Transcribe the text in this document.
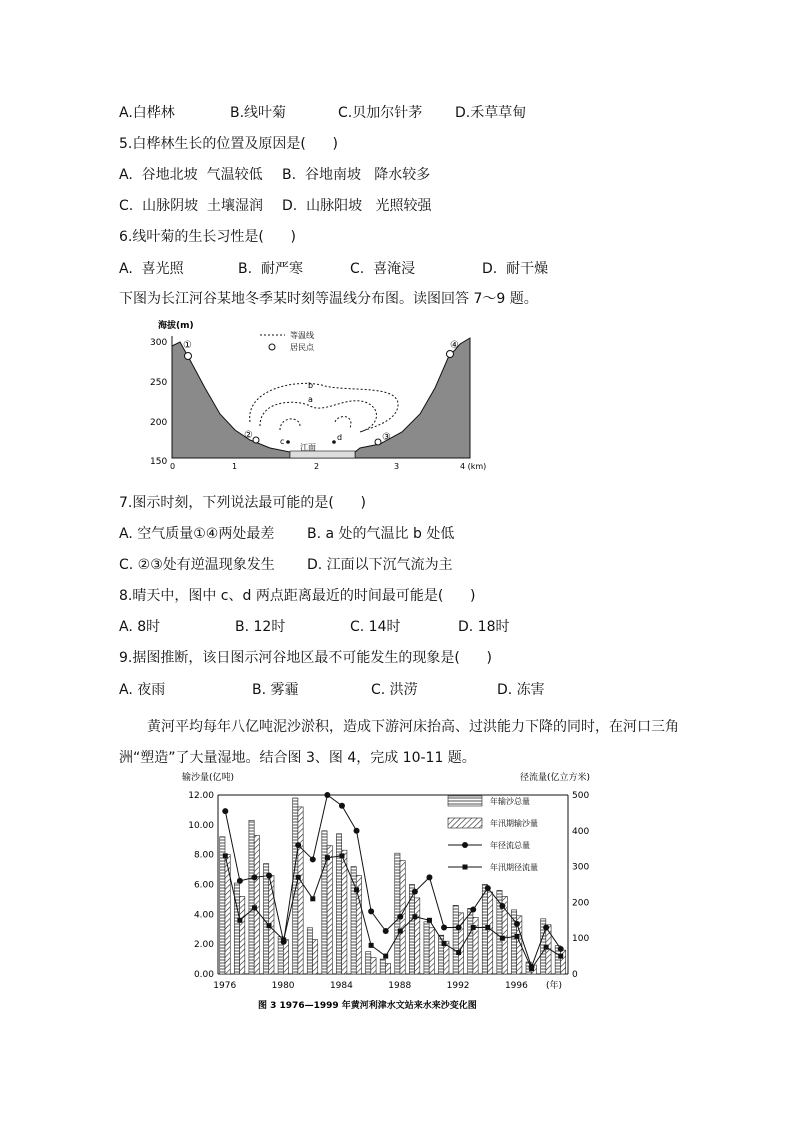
A.白桦林	B.线叶菊	C.贝加尔针茅 D.禾草草甸
5.白桦林生长的位置及原因是(      )
A.  谷地北坡  气温较低 B.  谷地南坡   降水较多
C.  山脉阴坡  土壤湿润 D.  山脉阳坡   光照较强
6.线叶菊的生长习性是(      )
A.  喜光照	B.  耐严寒	C.  喜淹浸	D.  耐干燥
下图为长江河谷某地冬季某时刻等温线分布图。读图回答 7～9 题。
海拔(m)
300
250
200
150 0	1	2	3	4 (km)
b
a
c	d
江面
①
②	③
④
等温线
居民点
7.图示时刻，下列说法最可能的是(      )
A. 空气质量①④两处最差 B. a 处的气温比 b 处低
C. ②③处有逆温现象发生 D. 江面以下沉气流为主
8.晴天中，图中 c、d 两点距离最近的时间最可能是(      )
A. 8时	B. 12时	C. 14时	D. 18时
9.据图推断，该日图示河谷地区最不可能发生的现象是(      )
A. 夜雨	B. 雾霾	C. 洪涝	D. 冻害
黄河平均每年八亿吨泥沙淤积，造成下游河床抬高、过洪能力下降的同时，在河口三角洲“塑造”了大量湿地。结合图 3、图 4，完成 10-11 题。
输沙量(亿吨)	径流量(亿立方米)
图 3 1976—1999 年黄河利津水文站来水来沙变化图
12.00
10.00
8.00
6.00
4.00
2.00
0.00
500
400
300
200
100
0
1976	1980	1984	1988	1992	1996 (年)
年输沙总量
年汛期输沙量
年径流总量
年汛期径流量
